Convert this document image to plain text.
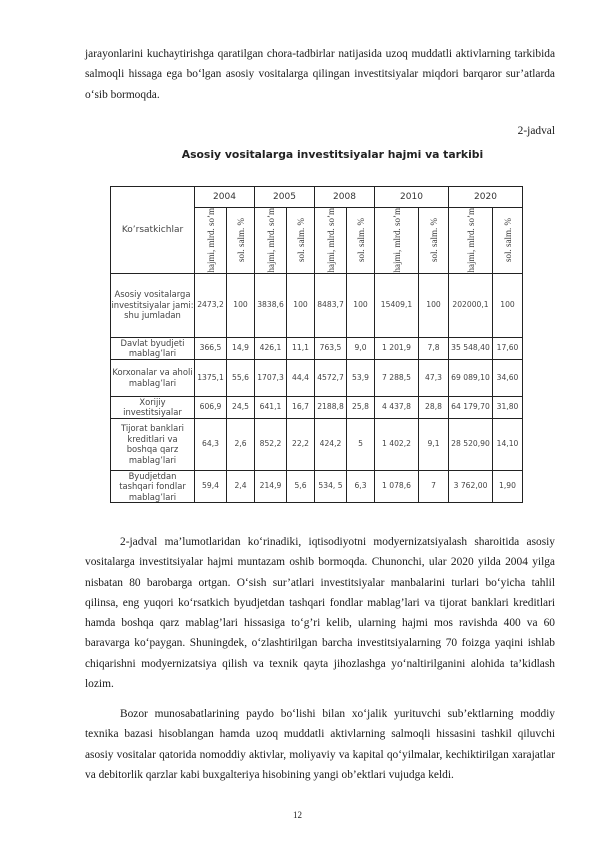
jarayonlarini kuchaytirishga qaratilgan chora-tadbirlar natijasida uzoq muddatli aktivlarning tarkibida salmoqli hissaga ega bo‘lgan asosiy vositalarga qilingan investitsiyalar miqdori barqaror sur’atlarda o‘sib bormoqda.

2-jadval
Asosiy vositalarga investitsiyalar hajmi va tarkibi
Ko’rsatkichlar	2004		2005		2008		2010		2020	

	hajmi, mlrd. so’m	sol. salm. %	hajmi, mlrd. so’m	sol. salm. %	hajmi, mlrd. so’m	sol. salm. %	hajmi, mlrd. so’m	sol. salm. %	hajmi, mlrd. so’m	sol. salm. %

Asosiy vositalarga investitsiyalar jami: shu jumladan	2473,2	100	3838,6	100	8483,7	100	15409,1	100	202000,1	100
Davlat byudjeti mablag’lari	366,5	14,9	426,1	11,1	763,5	9,0	1 201,9	7,8	35 548,40	17,60
Korxonalar va aholi mablag’lari	1375,1	55,6	1707,3	44,4	4572,7	53,9	7 288,5	47,3	69 089,10	34,60
Xorijiy investitsiyalar	606,9	24,5	641,1	16,7	2188,8	25,8	4 437,8	28,8	64 179,70	31,80
Tijorat banklari kreditlari va boshqa qarz mablag’lari	64,3	2,6	852,2	22,2	424,2	5	1 402,2	9,1	28 520,90	14,10
Byudjetdan tashqari fondlar mablag’lari	59,4	2,4	214,9	5,6	534, 5	6,3	1 078,6	7	3 762,00	1,90

2-jadval ma’lumotlaridan ko‘rinadiki, iqtisodiyotni modyernizatsiyalash sharoitida asosiy vositalarga investitsiyalar hajmi muntazam oshib bormoqda. Chunonchi, ular 2020 yilda 2004 yilga nisbatan 80 barobarga ortgan. O‘sish sur’atlari investitsiyalar manbalarini turlari bo‘yicha tahlil qilinsa, eng yuqori ko‘rsatkich byudjetdan tashqari fondlar mablag’lari va tijorat banklari kreditlari hamda boshqa qarz mablag’lari hissasiga to‘g’ri kelib, ularning hajmi mos ravishda 400 va 60 baravarga ko‘paygan. Shuningdek, o‘zlashtirilgan barcha investitsiyalarning 70 foizga yaqini ishlab chiqarishni modyernizatsiya qilish va texnik qayta jihozlashga yo‘naltirilganini alohida ta’kidlash lozim.

Bozor munosabatlarining paydo bo‘lishi bilan xo‘jalik yurituvchi sub’ektlarning moddiy texnika bazasi hisoblangan hamda uzoq muddatli aktivlarning salmoqli hissasini tashkil qiluvchi asosiy vositalar qatorida nomoddiy aktivlar, moliyaviy va kapital qo‘yilmalar, kechiktirilgan xarajatlar va debitorlik qarzlar kabi buxgalteriya hisobining yangi ob’ektlari vujudga keldi.

12
